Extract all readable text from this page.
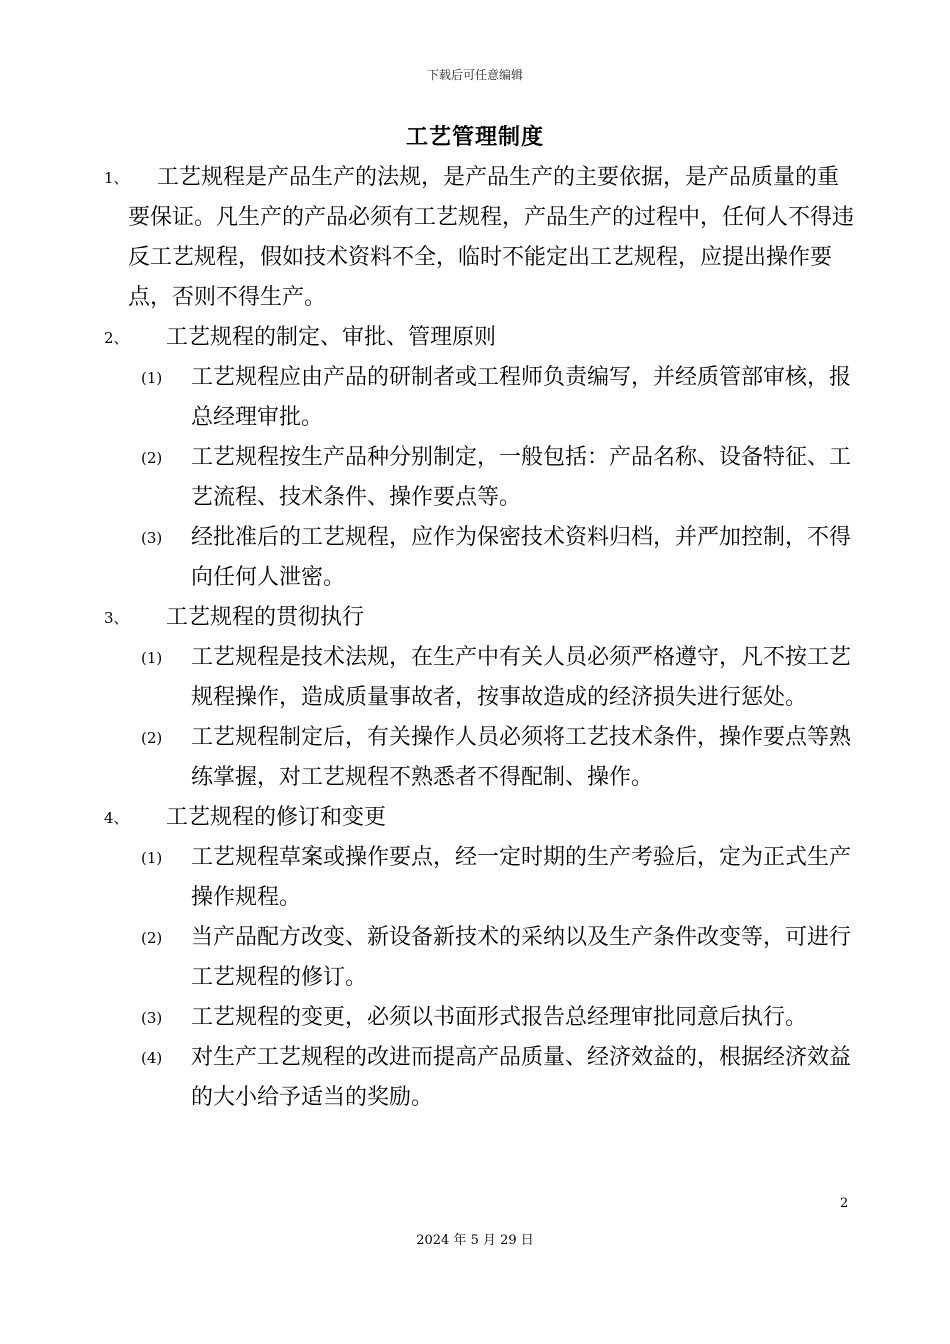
下载后可任意编辑
工艺管理制度
1、	工艺规程是产品生产的法规，是产品生产的主要依据，是产品质量的重要保证。凡生产的产品必须有工艺规程，产品生产的过程中，任何人不得违反工艺规程，假如技术资料不全，临时不能定出工艺规程，应提出操作要点，否则不得生产。
2、 工艺规程的制定、审批、管理原则
(1) 工艺规程应由产品的研制者或工程师负责编写，并经质管部审核，报总经理审批。
(2) 工艺规程按生产品种分别制定，一般包括：产品名称、设备特征、工艺流程、技术条件、操作要点等。
(3) 经批准后的工艺规程，应作为保密技术资料归档，并严加控制，不得向任何人泄密。
3、 工艺规程的贯彻执行
(1) 工艺规程是技术法规，在生产中有关人员必须严格遵守，凡不按工艺规程操作，造成质量事故者，按事故造成的经济损失进行惩处。
(2) 工艺规程制定后，有关操作人员必须将工艺技术条件，操作要点等熟练掌握，对工艺规程不熟悉者不得配制、操作。
4、 工艺规程的修订和变更
(1) 工艺规程草案或操作要点，经一定时期的生产考验后，定为正式生产操作规程。
(2) 当产品配方改变、新设备新技术的采纳以及生产条件改变等，可进行工艺规程的修订。
(3) 工艺规程的变更，必须以书面形式报告总经理审批同意后执行。
(4) 对生产工艺规程的改进而提高产品质量、经济效益的，根据经济效益的大小给予适当的奖励。
2
2024 年 5 月 29 日
